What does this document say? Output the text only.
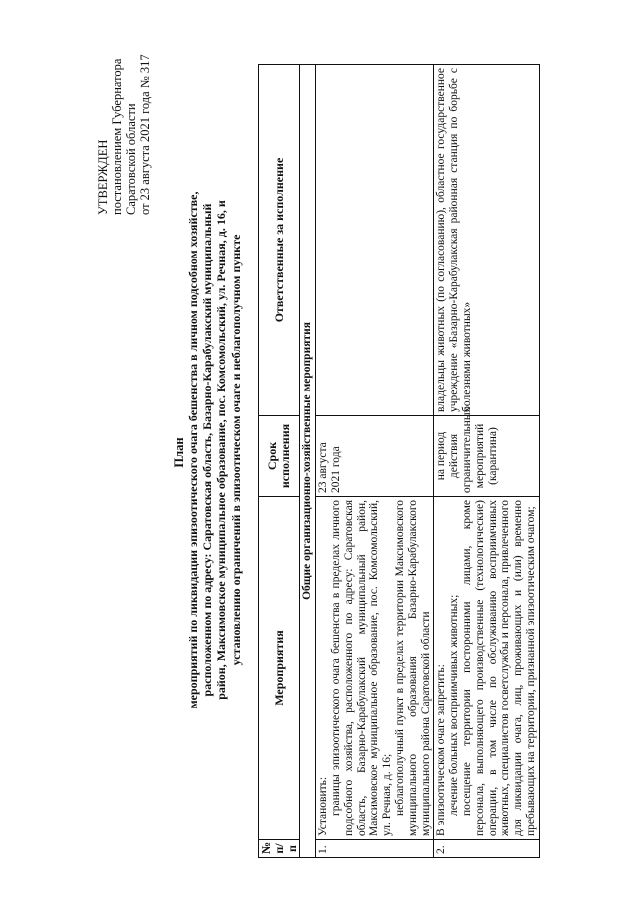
УТВЕРЖДЕН постановлением Губернатора Саратовской области от 23 августа 2021 года № 317
План мероприятий по ликвидации эпизоотического очага бешенства в личном подсобном хозяйстве, расположенном по адресу: Саратовская область, Базарно-Карабулакский муниципальный район, Максимовское муниципальное образование, пос. Комсомольский, ул. Речная, д. 16, и установлению ограничений в эпизоотическом очаге и неблагополучном пункте
№ п/п	Мероприятия	Срок исполнения	Ответственные за исполнение
Общие организационно-хозяйственные мероприятия			
1.	Установить: границы эпизоотического очага бешенства в пределах личного подсобного хозяйства, расположенного по адресу: Саратовская область, Базарно-Карабулакский муниципальный район, Максимовское муниципальное образование, пос. Комсомольский, ул. Речная, д. 16; неблагополучный пункт в пределах территории Максимовского муниципального образования Базарно-Карабулакского муниципального района Саратовской области	23 августа 2021 года	
2.	В эпизоотическом очаге запретить: лечение больных восприимчивых животных; посещение территории посторонними лицами, кроме персонала, выполняющего производственные (технологические) операции, в том числе по обслуживанию восприимчивых животных, специалистов госветслужбы и персонала, привлеченного для ликвидации очага, лиц, проживающих и (или) временно пребывающих на территории, признанной эпизоотическим очагом;	на период действия ограничительных мероприятий (карантина)	владельцы животных (по согласованию), областное государственное учреждение «Базарно-Карабулакская районная станция по борьбе с болезнями животных»
